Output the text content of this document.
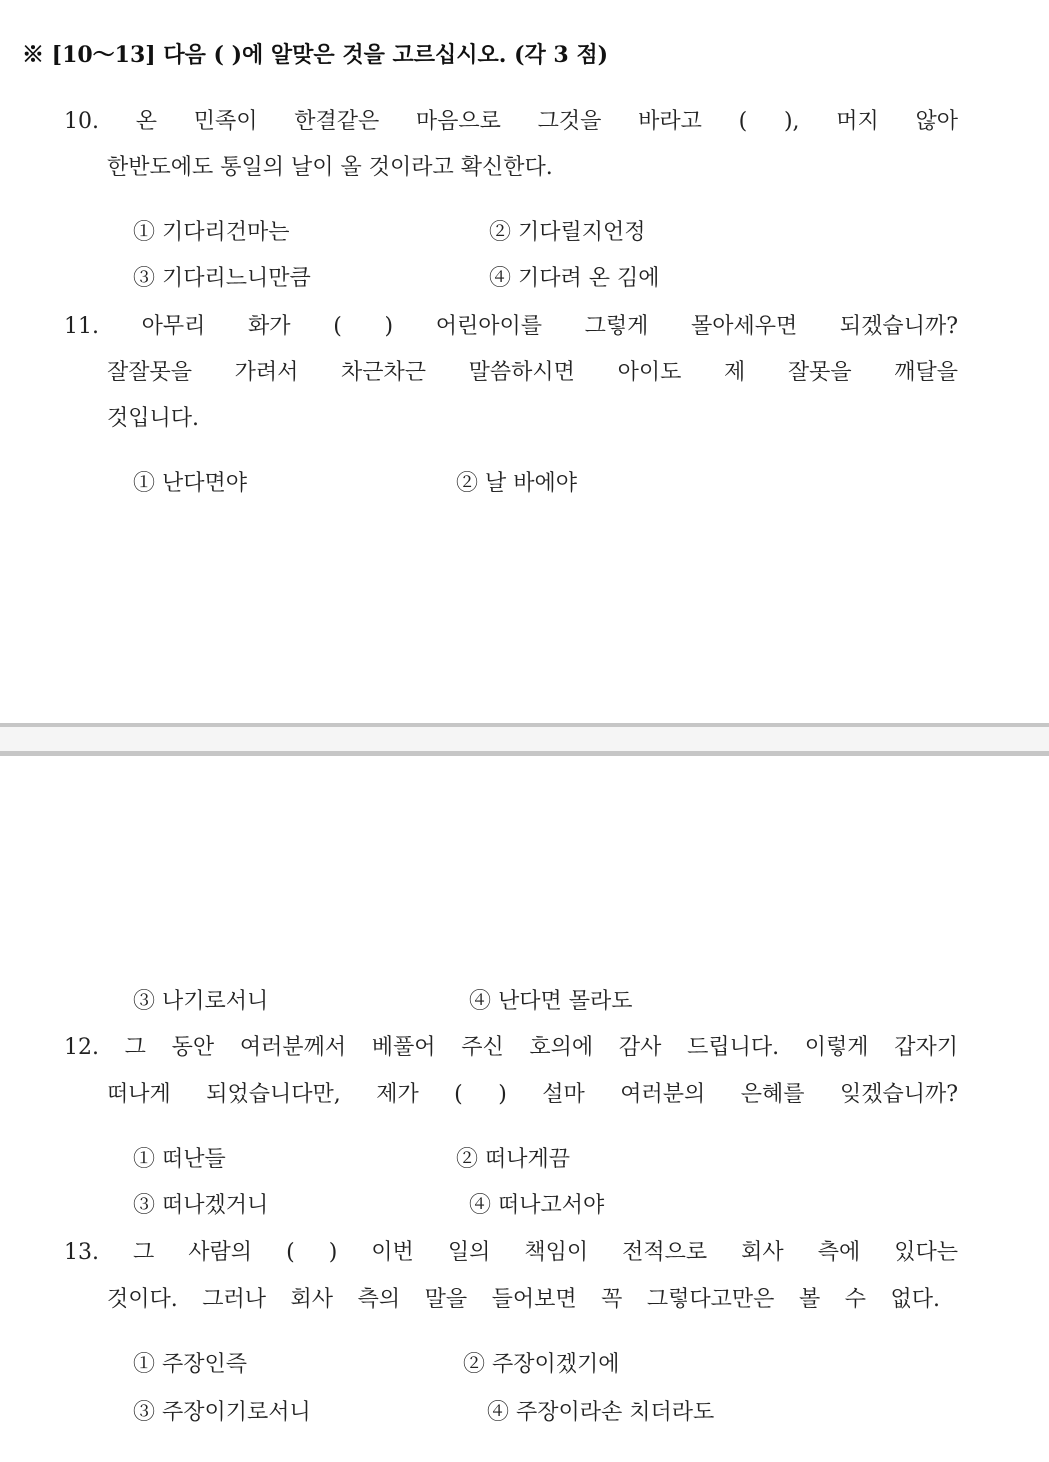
※ [10～13] 다음 ( )에 알맞은 것을 고르십시오. (각 3 점)
10. 온 민족이 한결같은 마음으로 그것을 바라고 ( ), 머지 않아
한반도에도 통일의 날이 올 것이라고 확신한다.
① 기다리건마는	② 기다릴지언정
③ 기다리느니만큼	④ 기다려 온 김에
11. 아무리 화가 ( ) 어린아이를 그렇게 몰아세우면 되겠습니까?
잘잘못을 가려서 차근차근 말씀하시면 아이도 제 잘못을 깨달을
것입니다.
① 난다면야	② 날 바에야
③ 나기로서니	④ 난다면 몰라도
12. 그 동안 여러분께서 베풀어 주신 호의에 감사 드립니다. 이렇게 갑자기
떠나게 되었습니다만, 제가 ( ) 설마 여러분의 은혜를 잊겠습니까?
① 떠난들	② 떠나게끔
③ 떠나겠거니	④ 떠나고서야
13. 그 사람의 ( ) 이번 일의 책임이 전적으로 회사 측에 있다는
것이다. 그러나 회사 측의 말을 들어보면 꼭 그렇다고만은 볼 수 없다.
① 주장인즉	② 주장이겠기에
③ 주장이기로서니	④ 주장이라손 치더라도
